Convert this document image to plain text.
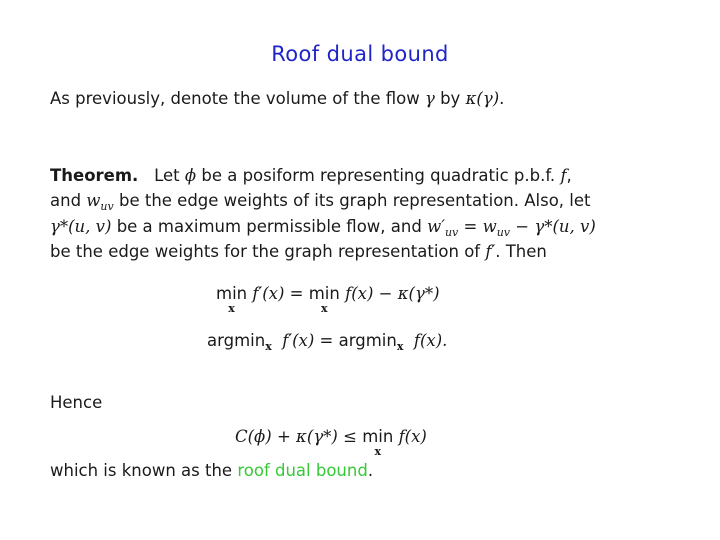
Roof dual bound
As previously, denote the volume of the flow γ by κ(γ).
Theorem. Let ϕ be a posiform representing quadratic p.b.f. f,
and $w_{uv}$ be the edge weights of its graph representation. Also, let
γ*(u, v) be a maximum permissible flow, and $w'_{uv} = w_{uv} - \gamma*(u$, v)
be the edge weights for the graph representation of f′. Then
min
x
f′(x) = min
x
f(x) − κ(γ*)
argmin$_x$ f′(x) = argmin$_x$ f(x).
Hence
C(ϕ) + κ(γ*) ≤ min
x
f(x)
which is known as the roof dual bound.
